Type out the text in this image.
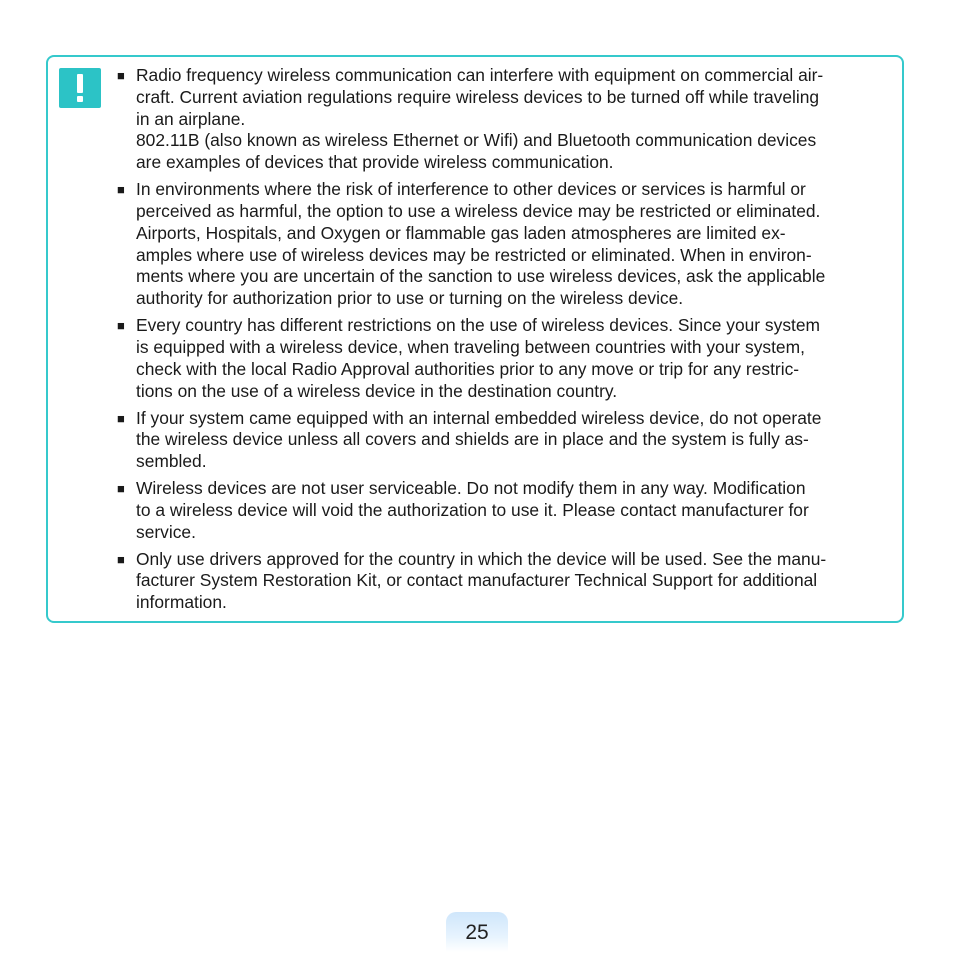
■ Radio frequency wireless communication can interfere with equipment on commercial air-
craft. Current aviation regulations require wireless devices to be turned off while traveling
in an airplane.

802.11B (also known as wireless Ethernet or Wifi) and Bluetooth communication devices
are examples of devices that provide wireless communication.

■ In environments where the risk of interference to other devices or services is harmful or
perceived as harmful, the option to use a wireless device may be restricted or eliminated.
Airports, Hospitals, and Oxygen or flammable gas laden atmospheres are limited ex-
amples where use of wireless devices may be restricted or eliminated. When in environ-
ments where you are uncertain of the sanction to use wireless devices, ask the applicable
authority for authorization prior to use or turning on the wireless device.

■ Every country has different restrictions on the use of wireless devices. Since your system
is equipped with a wireless device, when traveling between countries with your system,
check with the local Radio Approval authorities prior to any move or trip for any restric-
tions on the use of a wireless device in the destination country.

■ If your system came equipped with an internal embedded wireless device, do not operate
the wireless device unless all covers and shields are in place and the system is fully as-
sembled.

■ Wireless devices are not user serviceable. Do not modify them in any way. Modification
to a wireless device will void the authorization to use it. Please contact manufacturer for
service.

■ Only use drivers approved for the country in which the device will be used. See the manu-
facturer System Restoration Kit, or contact manufacturer Technical Support for additional
information.

25
